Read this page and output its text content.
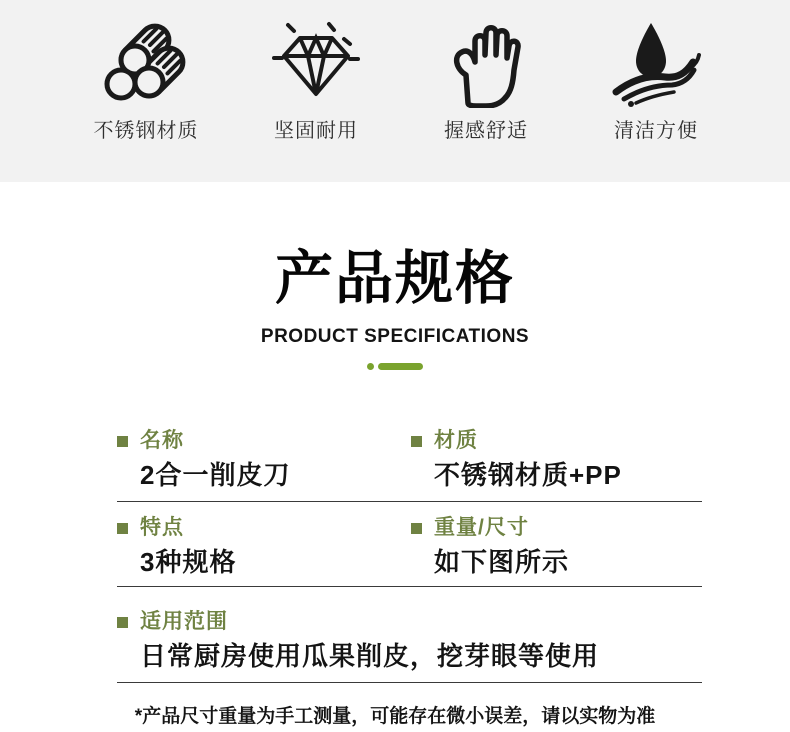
不锈钢材质	坚固耐用	握感舒适	清洁方便
产品规格
PRODUCT SPECIFICATIONS
名称
2合一削皮刀
材质
不锈钢材质+PP
特点
3种规格
重量/尺寸
如下图所示
适用范围
日常厨房使用瓜果削皮，挖芽眼等使用
*产品尺寸重量为手工测量，可能存在微小误差，请以实物为准
